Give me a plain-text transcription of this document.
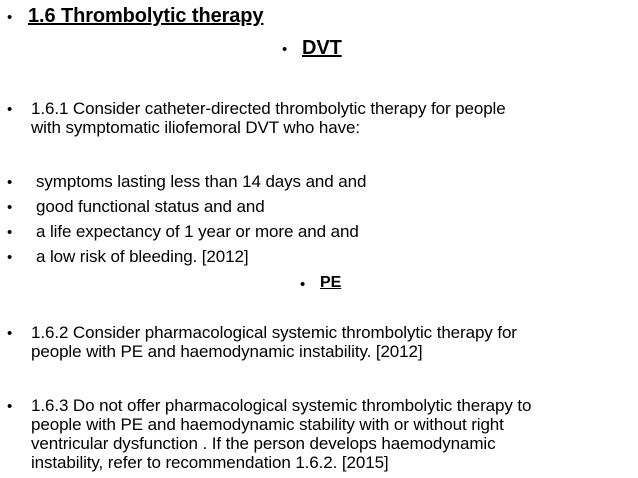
• 1.6 Thrombolytic therapy
• DVT
• 1.6.1 Consider catheter-directed thrombolytic therapy for people
with symptomatic iliofemoral DVT who have:
• symptoms lasting less than 14 days and and
• good functional status and and
• a life expectancy of 1 year or more and and
• a low risk of bleeding. [2012]
• PE
• 1.6.2 Consider pharmacological systemic thrombolytic therapy for
people with PE and haemodynamic instability. [2012]
• 1.6.3 Do not offer pharmacological systemic thrombolytic therapy to
people with PE and haemodynamic stability with or without right
ventricular dysfunction . If the person develops haemodynamic
instability, refer to recommendation 1.6.2. [2015]
